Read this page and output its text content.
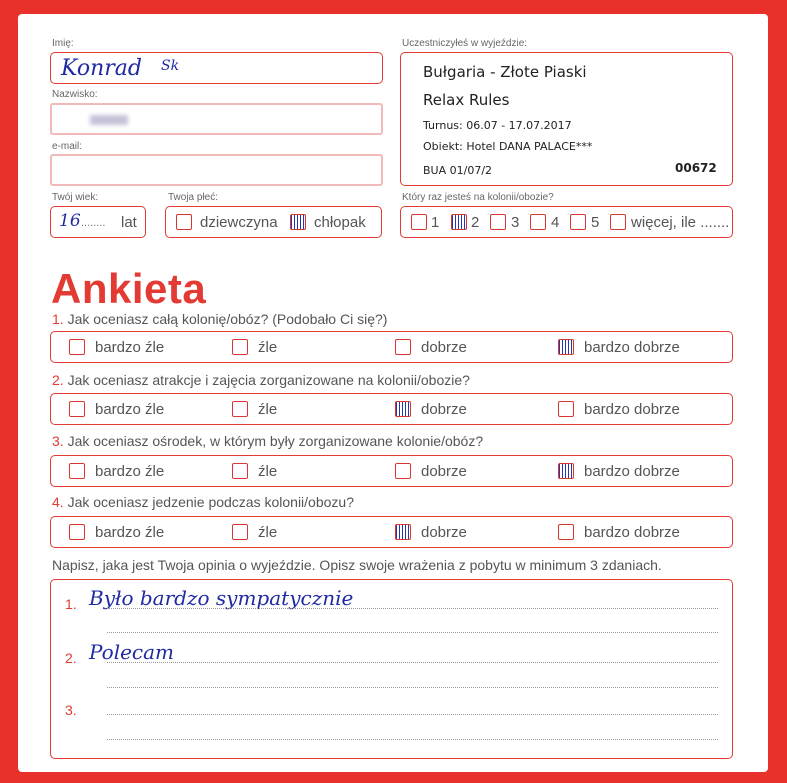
Imię:
Konrad Sk
Nazwisko:
e-mail:
Twój wiek:
16 ........ lat
Twoja płeć:
dziewczyna chłopak
Uczestniczyłeś w wyjeździe:
Bułgaria - Złote Piaski
Relax Rules
Turnus: 06.07 - 17.07.2017
Obiekt: Hotel DANA PALACE***
BUA 01/07/2	00672
Który raz jesteś na kolonii/obozie?
1 2 3 4 5 więcej, ile .......
Ankieta
1. Jak oceniasz całą kolonię/obóz? (Podobało Ci się?)
bardzo źle	źle	dobrze	bardzo dobrze
2. Jak oceniasz atrakcje i zajęcia zorganizowane na kolonii/obozie?
bardzo źle	źle	dobrze	bardzo dobrze
3. Jak oceniasz ośrodek, w którym były zorganizowane kolonie/obóz?
bardzo źle	źle	dobrze	bardzo dobrze
4. Jak oceniasz jedzenie podczas kolonii/obozu?
bardzo źle	źle	dobrze	bardzo dobrze
Napisz, jaka jest Twoja opinia o wyjeździe. Opisz swoje wrażenia z pobytu w minimum 3 zdaniach.
1. Było bardzo sympatycznie
2. Polecam
3.
